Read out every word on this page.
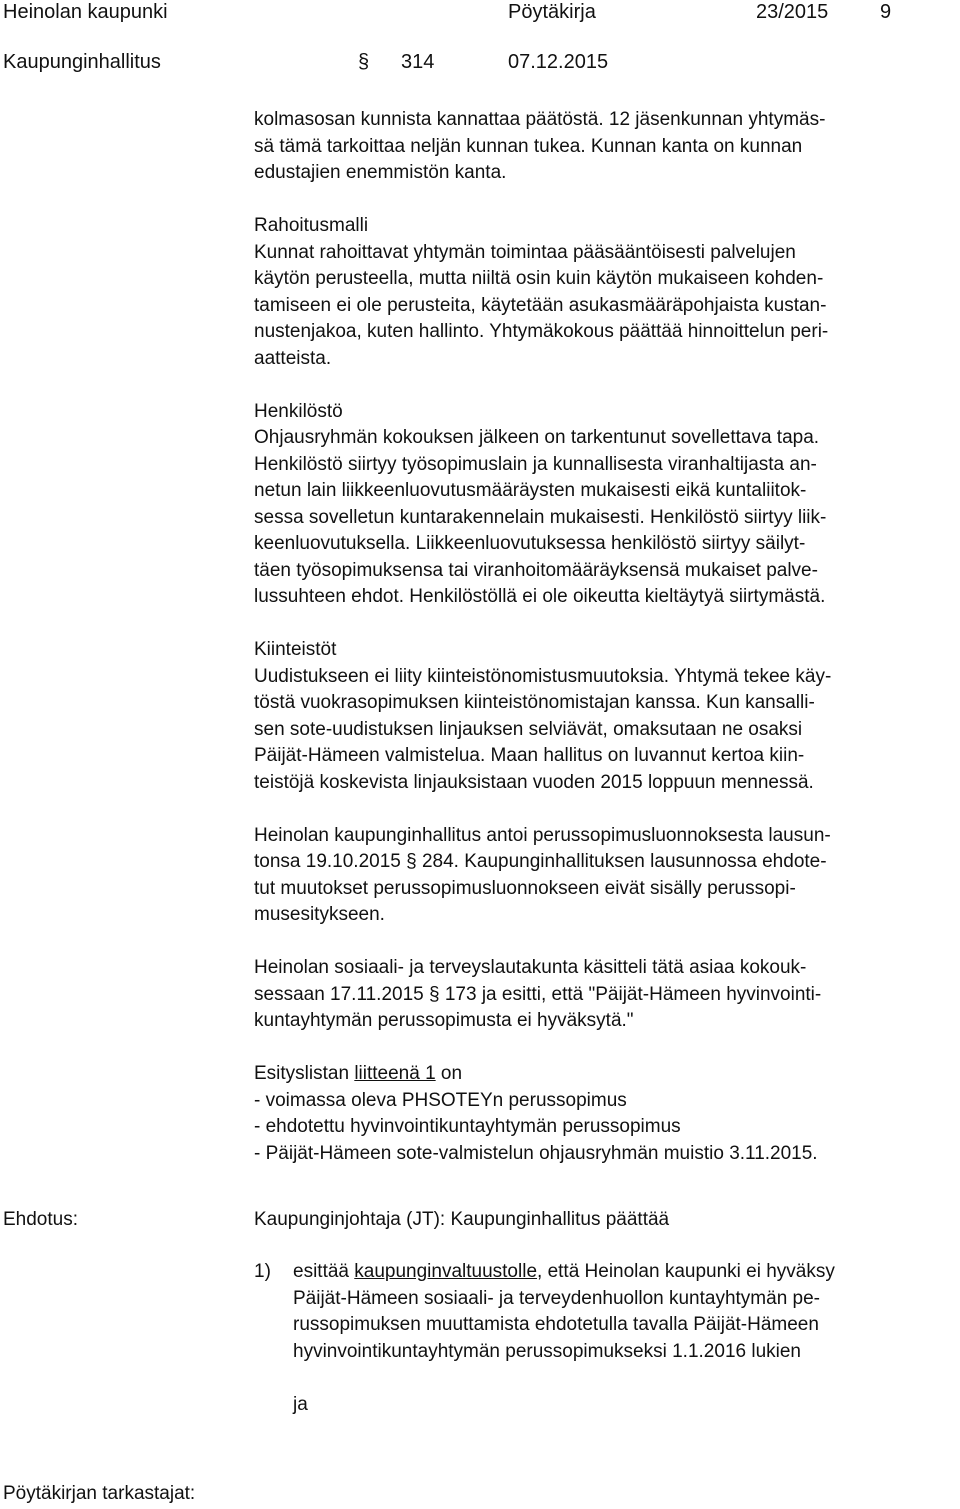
Heinolan kaupunki	Pöytäkirja	23/2015	9
Kaupunginhallitus	§ 314	07.12.2015
kolmasosan kunnista kannattaa päätöstä. 12 jäsenkunnan yhtymäs-
sä tämä tarkoittaa neljän kunnan tukea. Kunnan kanta on kunnan
edustajien enemmistön kanta.
Rahoitusmalli
Kunnat rahoittavat yhtymän toimintaa pääsääntöisesti palvelujen
käytön perusteella, mutta niiltä osin kuin käytön mukaiseen kohden-
tamiseen ei ole perusteita, käytetään asukasmääräpohjaista kustan-
nustenjakoa, kuten hallinto. Yhtymäkokous päättää hinnoittelun peri-
aatteista.
Henkilöstö
Ohjausryhmän kokouksen jälkeen on tarkentunut sovellettava tapa.
Henkilöstö siirtyy työsopimuslain ja kunnallisesta viranhaltijasta an-
netun lain liikkeenluovutusmääräysten mukaisesti eikä kuntaliitok-
sessa sovelletun kuntarakennelain mukaisesti. Henkilöstö siirtyy liik-
keenluovutuksella. Liikkeenluovutuksessa henkilöstö siirtyy säilyt-
täen työsopimuksensa tai viranhoitomääräyksensä mukaiset palve-
lussuhteen ehdot. Henkilöstöllä ei ole oikeutta kieltäytyä siirtymästä.
Kiinteistöt
Uudistukseen ei liity kiinteistönomistusmuutoksia. Yhtymä tekee käy-
töstä vuokrasopimuksen kiinteistönomistajan kanssa. Kun kansalli-
sen sote-uudistuksen linjauksen selviävät, omaksutaan ne osaksi
Päijät-Hämeen valmistelua. Maan hallitus on luvannut kertoa kiin-
teistöjä koskevista linjauksistaan vuoden 2015 loppuun mennessä.
Heinolan kaupunginhallitus antoi perussopimusluonnoksesta lausun-
tonsa 19.10.2015 § 284. Kaupunginhallituksen lausunnossa ehdote-
tut muutokset perussopimusluonnokseen eivät sisälly perussopi-
musesitykseen.
Heinolan sosiaali- ja terveyslautakunta käsitteli tätä asiaa kokouk-
sessaan 17.11.2015 § 173 ja esitti, että "Päijät-Hämeen hyvinvointi-
kuntayhtymän perussopimusta ei hyväksytä."
Esityslistan liitteenä 1 on
- voimassa oleva PHSOTEYn perussopimus
- ehdotettu hyvinvointikuntayhtymän perussopimus
- Päijät-Hämeen sote-valmistelun ohjausryhmän muistio 3.11.2015.
Ehdotus:	Kaupunginjohtaja (JT): Kaupunginhallitus päättää
1) esittää kaupunginvaltuustolle, että Heinolan kaupunki ei hyväksy
Päijät-Hämeen sosiaali- ja terveydenhuollon kuntayhtymän pe-
russopimuksen muuttamista ehdotetulla tavalla Päijät-Hämeen
hyvinvointikuntayhtymän perussopimukseksi 1.1.2016 lukien
ja
Pöytäkirjan tarkastajat:
